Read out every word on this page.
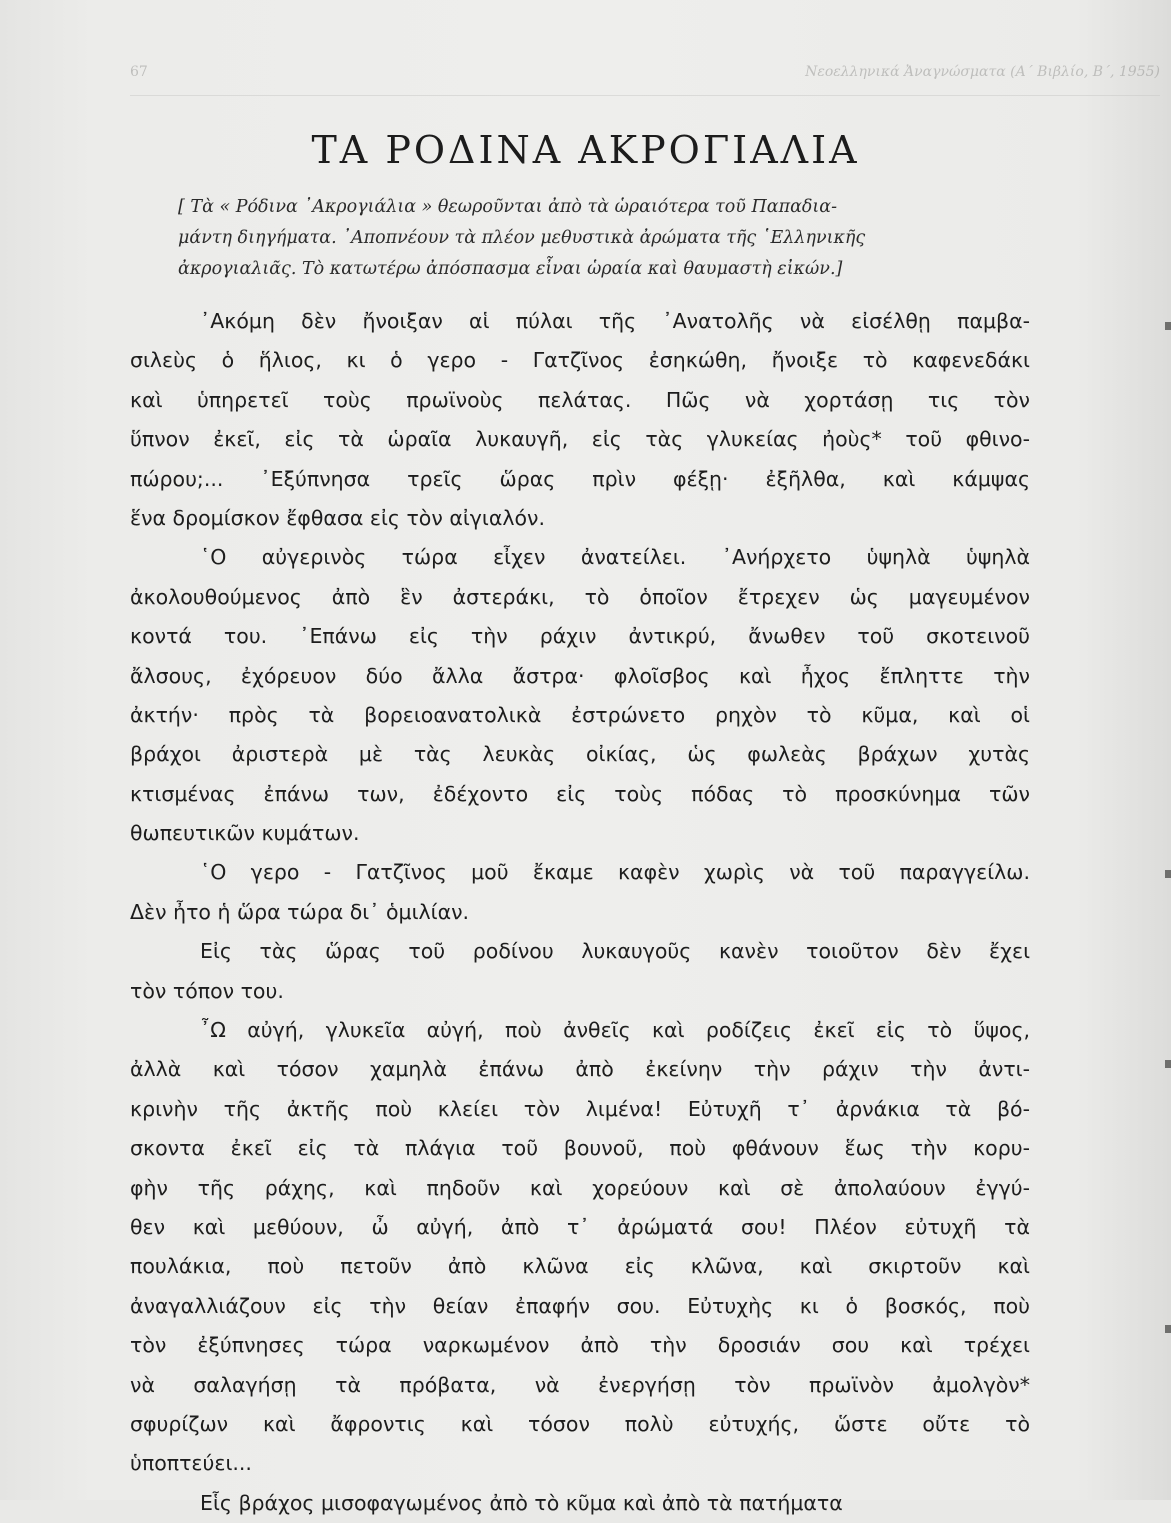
67	Νεοελληνικά Ἀναγνώσματα (Α΄ Βιβλίο, Β΄, 1955)
ΤΑ ΡΟΔΙΝΑ ΑΚΡΟΓΙΑΛΙΑ
[ Τὰ « Ρόδινα ᾿Ακρογιάλια » θεωροῦνται ἀπὸ τὰ ὡραιότερα τοῦ Παπαδια-
μάντη διηγήματα. ᾿Αποπνέουν τὰ πλέον μεθυστικὰ ἀρώματα τῆς ῾Ελληνικῆς
ἀκρογιαλιᾶς. Τὸ κατωτέρω ἀπόσπασμα εἶναι ὡραία καὶ θαυμαστὴ εἰκών.]
᾿Ακόμη δὲν ἤνοιξαν αἱ πύλαι τῆς ᾿Ανατολῆς νὰ εἰσέλθῃ παμβα-
σιλεὺς ὁ ἥλιος, κι ὁ γερο - Γατζῖνος ἐσηκώθη, ἤνοιξε τὸ καφενεδάκι
καὶ ὑπηρετεῖ τοὺς πρωϊνοὺς πελάτας. Πῶς νὰ χορτάσῃ τις τὸν
ὕπνον ἐκεῖ, εἰς τὰ ὡραῖα λυκαυγῆ, εἰς τὰς γλυκείας ἠοὺς* τοῦ φθινο-
πώρου;... ᾿Εξύπνησα τρεῖς ὥρας πρὶν φέξῃ· ἐξῆλθα, καὶ κάμψας
ἕνα δρομίσκον ἔφθασα εἰς τὸν αἰγιαλόν.
῾Ο αὐγερινὸς τώρα εἶχεν ἀνατείλει. ᾿Ανήρχετο ὑψηλὰ ὑψηλὰ
ἀκολουθούμενος ἀπὸ ἓν ἀστεράκι, τὸ ὁποῖον ἔτρεχεν ὡς μαγευμένον
κοντά του. ᾿Επάνω εἰς τὴν ράχιν ἀντικρύ, ἄνωθεν τοῦ σκοτεινοῦ
ἄλσους, ἐχόρευον δύο ἄλλα ἄστρα· φλοῖσβος καὶ ἦχος ἔπληττε τὴν
ἀκτήν· πρὸς τὰ βορειοανατολικὰ ἐστρώνετο ρηχὸν τὸ κῦμα, καὶ οἱ
βράχοι ἀριστερὰ μὲ τὰς λευκὰς οἰκίας, ὡς φωλεὰς βράχων χυτὰς
κτισμένας ἐπάνω των, ἐδέχοντο εἰς τοὺς πόδας τὸ προσκύνημα τῶν
θωπευτικῶν κυμάτων.
῾Ο γερο - Γατζῖνος μοῦ ἔκαμε καφὲν χωρὶς νὰ τοῦ παραγγείλω.
Δὲν ἦτο ἡ ὥρα τώρα δι᾿ ὁμιλίαν.
Εἰς τὰς ὥρας τοῦ ροδίνου λυκαυγοῦς κανὲν τοιοῦτον δὲν ἔχει
τὸν τόπον του.
῏Ω αὐγή, γλυκεῖα αὐγή, ποὺ ἀνθεῖς καὶ ροδίζεις ἐκεῖ εἰς τὸ ὕψος,
ἀλλὰ καὶ τόσον χαμηλὰ ἐπάνω ἀπὸ ἐκείνην τὴν ράχιν τὴν ἀντι-
κρινὴν τῆς ἀκτῆς ποὺ κλείει τὸν λιμένα! Εὐτυχῆ τ᾿ ἀρνάκια τὰ βό-
σκοντα ἐκεῖ εἰς τὰ πλάγια τοῦ βουνοῦ, ποὺ φθάνουν ἕως τὴν κορυ-
φὴν τῆς ράχης, καὶ πηδοῦν καὶ χορεύουν καὶ σὲ ἀπολαύουν ἐγγύ-
θεν καὶ μεθύουν, ὦ αὐγή, ἀπὸ τ᾿ ἀρώματά σου! Πλέον εὐτυχῆ τὰ
πουλάκια, ποὺ πετοῦν ἀπὸ κλῶνα εἰς κλῶνα, καὶ σκιρτοῦν καὶ
ἀναγαλλιάζουν εἰς τὴν θείαν ἐπαφήν σου. Εὐτυχὴς κι ὁ βοσκός, ποὺ
τὸν ἐξύπνησες τώρα ναρκωμένον ἀπὸ τὴν δροσιάν σου καὶ τρέχει
νὰ σαλαγήσῃ τὰ πρόβατα, νὰ ἐνεργήσῃ τὸν πρωϊνὸν ἀμολγὸν*
σφυρίζων καὶ ἄφροντις καὶ τόσον πολὺ εὐτυχής, ὥστε οὔτε τὸ
ὑποπτεύει...
Εἷς βράχος μισοφαγωμένος ἀπὸ τὸ κῦμα καὶ ἀπὸ τὰ πατήματα
